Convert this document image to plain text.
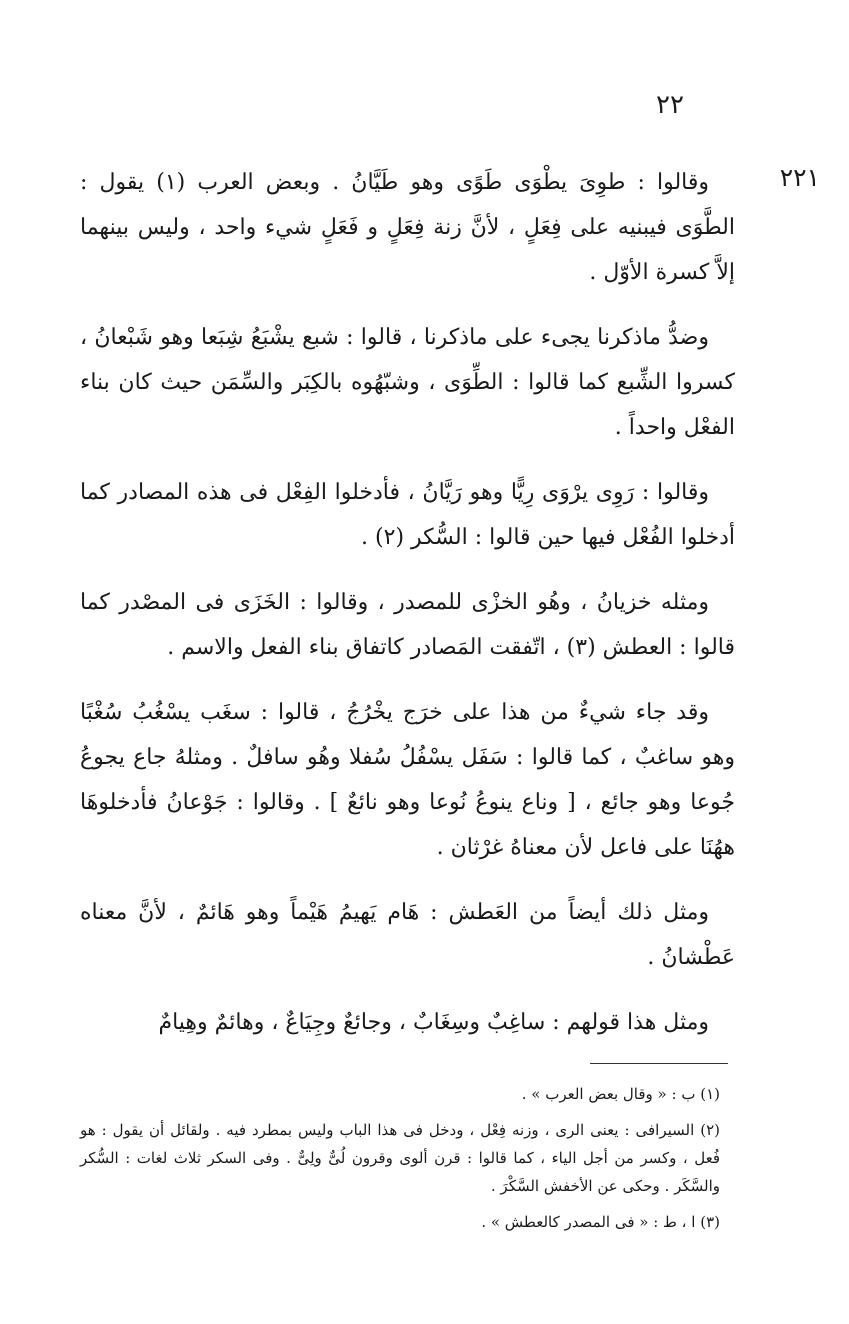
٢٢
٢٢١

وقالوا : طوِىَ يطْوَى طَوًى وهو طَيَّانُ . وبعض العرب (١) يقول : الطَّوَى فيبنيه على فِعَلٍ ، لأنَّ زنة فِعَلٍ و فَعَلٍ شيء واحد ، وليس بينهما إلاَّ كسرة الأوّل .

وضدُّ ماذكرنا يجىء على ماذكرنا ، قالوا : شبع يشْبَعُ شِبَعا وهو شَبْعانُ ، كسروا الشِّبع كما قالوا : الطِّوَى ، وشبّهُوه بالكِبَر والسِّمَن حيث كان بناء الفعْل واحداً .

وقالوا : رَوِى يرْوَى رِيًّا وهو رَيَّانُ ، فأدخلوا الفِعْل فى هذه المصادر كما أدخلوا الفُعْل فيها حين قالوا : السُّكر (٢) .

ومثله خزيانُ ، وهُو الخزْى للمصدر ، وقالوا : الخَزَى فى المصْدر كما قالوا : العطش (٣) ، اتّفقت المَصادر كاتفاق بناء الفعل والاسم .

وقد جاء شيءٌ من هذا على خرَج يخْرُجُ ، قالوا : سغَب يسْغُبُ سُغْبًا وهو ساغبٌ ، كما قالوا : سَفَل يسْفُلُ سُفلا وهُو سافلٌ . ومثلهُ جاع يجوعُ جُوعا وهو جائع ، [ وناع ينوعُ نُوعا وهو نائعٌ ] . وقالوا : جَوْعانُ فأدخلوهَا ههُنَا على فاعل لأن معناهُ غرْثان .

ومثل ذلك أيضاً من العَطش : هَام يَهيمُ هَيْماً وهو هَائمٌ ، لأنَّ معناه عَطْشانُ .

ومثل هذا قولهم : ساغِبٌ وسِغَابٌ ، وجائعٌ وجِيَاعٌ ، وهائمٌ وهِيامٌ

(١) ب : « وقال بعض العرب » .

(٢) السيرافى : يعنى الرى ، وزنه فِعْل ، ودخل فى هذا الباب وليس بمطرد فيه . ولقائل أن يقول : هو فُعل ، وكسر من أجل الياء ، كما قالوا : قرن ألوى وقرون لُىٌّ ولِىٌّ . وفى السكر ثلاث لغات : السُّكر والسَّكَر . وحكى عن الأخفش السَّكْرَ .

(٣) ا ، ط : « فى المصدر كالعطش » .
